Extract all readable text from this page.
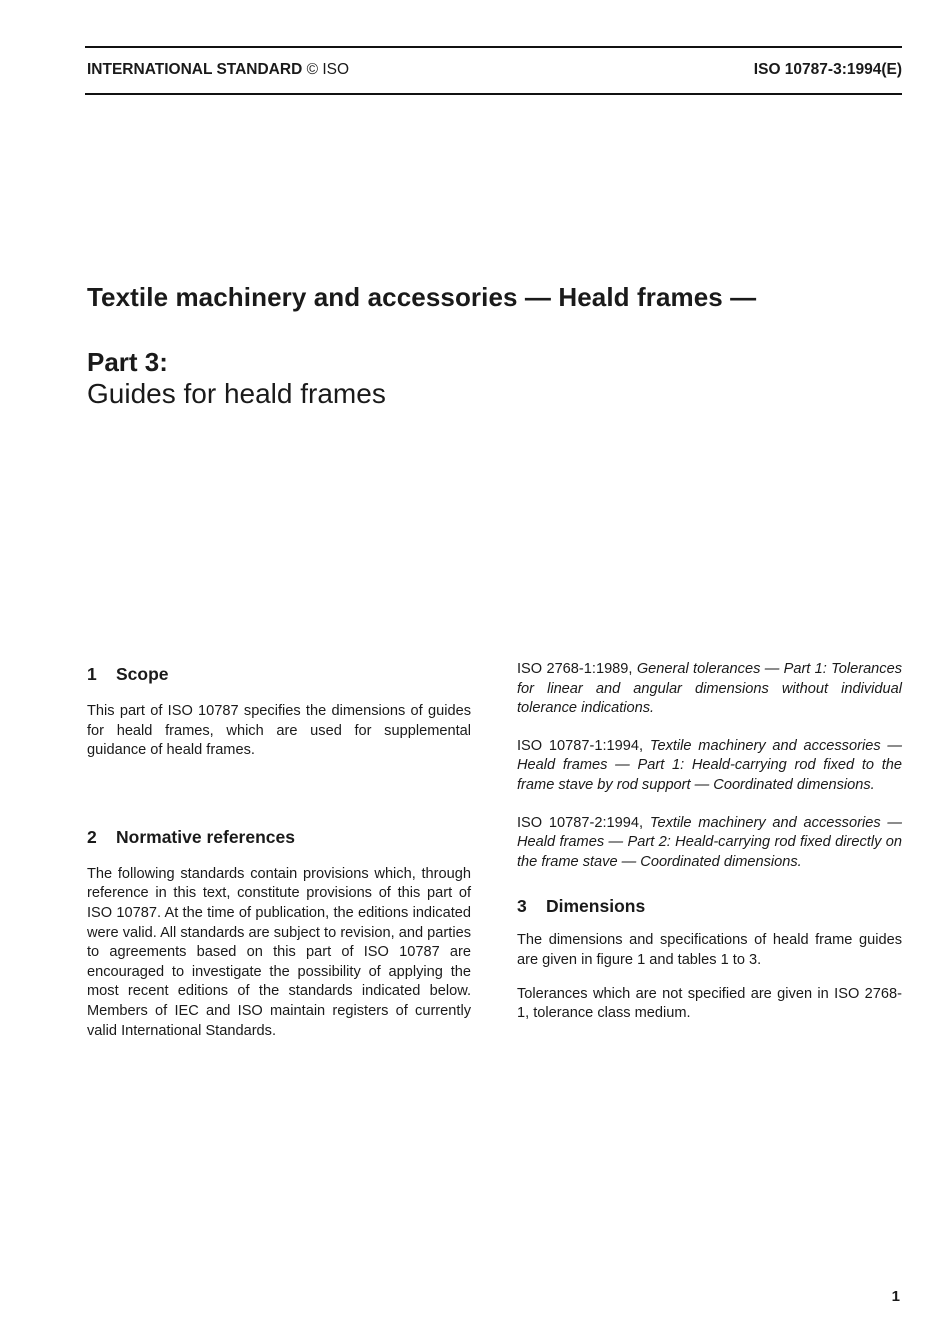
INTERNATIONAL STANDARD © ISO	ISO 10787-3:1994(E)
Textile machinery and accessories — Heald frames —
Part 3:
Guides for heald frames
1 Scope

This part of ISO 10787 specifies the dimensions of guides for heald frames, which are used for supplemental guidance of heald frames.

2 Normative references

The following standards contain provisions which, through reference in this text, constitute provisions of this part of ISO 10787. At the time of publication, the editions indicated were valid. All standards are subject to revision, and parties to agreements based on this part of ISO 10787 are encouraged to investigate the possibility of applying the most recent editions of the standards indicated below. Members of IEC and ISO maintain registers of currently valid International Standards.

ISO 2768-1:1989, General tolerances — Part 1: Tolerances for linear and angular dimensions without individual tolerance indications.

ISO 10787-1:1994, Textile machinery and accessories — Heald frames — Part 1: Heald-carrying rod fixed to the frame stave by rod support — Coordinated dimensions.

ISO 10787-2:1994, Textile machinery and accessories — Heald frames — Part 2: Heald-carrying rod fixed directly on the frame stave — Coordinated dimensions.

3 Dimensions

The dimensions and specifications of heald frame guides are given in figure 1 and tables 1 to 3.

Tolerances which are not specified are given in ISO 2768-1, tolerance class medium.

1
